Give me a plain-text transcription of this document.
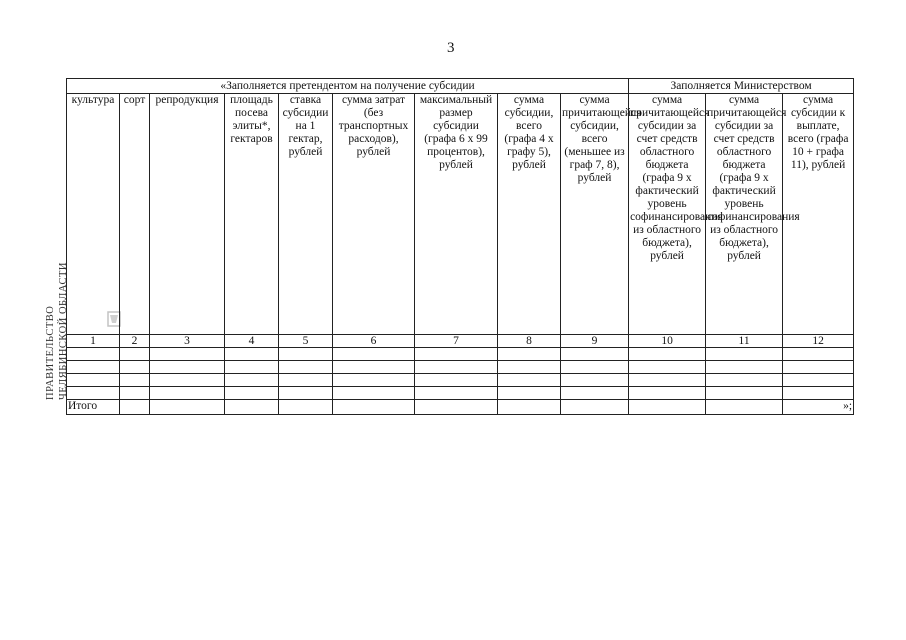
3
ПРАВИТЕЛЬСТВО ЧЕЛЯБИНСКОЙ ОБЛАСТИ
«Заполняется претендентом на получение субсидии									Заполняется Министерством		
культура	сорт	репродукция	площадь посева элиты*, гектаров	ставка субсидии на 1 гектар, рублей	сумма затрат (без транспортных расходов), рублей	максимальный размер субсидии (графа 6 х 99 процентов), рублей	сумма субсидии, всего (графа 4 х графу 5), рублей	сумма причитающейся субсидии, всего (меньшее из граф 7, 8), рублей	сумма причитающейся субсидии за счет средств областного бюджета (графа 9 х фактический уровень софинансирования из областного бюджета), рублей	сумма причитающейся субсидии за счет средств областного бюджета (графа 9 х фактический уровень софинансирования из областного бюджета), рублей	сумма субсидии к выплате, всего (графа 10 + графа 11), рублей
1	2	3	4	5	6	7	8	9	10	11	12

Итого											»;
